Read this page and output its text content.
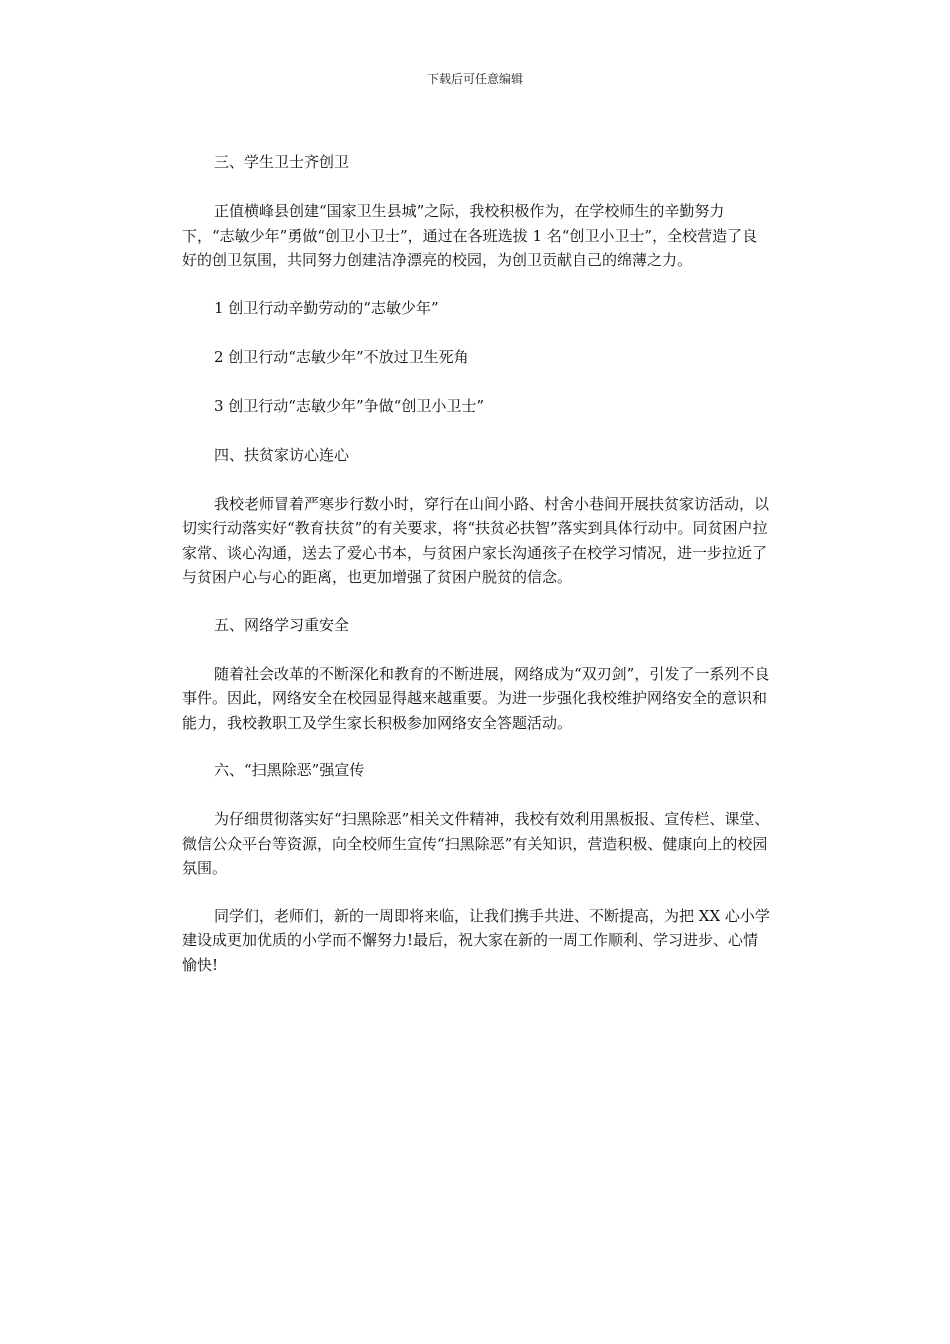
下载后可任意编辑

三、学生卫士齐创卫

正值横峰县创建“国家卫生县城”之际，我校积极作为，在学校师生的辛勤努力下，“志敏少年”勇做“创卫小卫士”，通过在各班选拔 1 名“创卫小卫士”，全校营造了良好的创卫氛围，共同努力创建洁净漂亮的校园，为创卫贡献自己的绵薄之力。

1 创卫行动辛勤劳动的“志敏少年”

2 创卫行动“志敏少年”不放过卫生死角

3 创卫行动“志敏少年”争做“创卫小卫士”

四、扶贫家访心连心

我校老师冒着严寒步行数小时，穿行在山间小路、村舍小巷间开展扶贫家访活动，以切实行动落实好“教育扶贫”的有关要求，将“扶贫必扶智”落实到具体行动中。同贫困户拉家常、谈心沟通，送去了爱心书本，与贫困户家长沟通孩子在校学习情况，进一步拉近了与贫困户心与心的距离，也更加增强了贫困户脱贫的信念。

五、网络学习重安全

随着社会改革的不断深化和教育的不断进展，网络成为“双刃剑”，引发了一系列不良事件。因此，网络安全在校园显得越来越重要。为进一步强化我校维护网络安全的意识和能力，我校教职工及学生家长积极参加网络安全答题活动。

六、“扫黑除恶”强宣传

为仔细贯彻落实好“扫黑除恶”相关文件精神，我校有效利用黑板报、宣传栏、课堂、微信公众平台等资源，向全校师生宣传“扫黑除恶”有关知识，营造积极、健康向上的校园氛围。

同学们，老师们，新的一周即将来临，让我们携手共进、不断提高，为把 XX 心小学建设成更加优质的小学而不懈努力!最后，祝大家在新的一周工作顺利、学习进步、心情愉快!
